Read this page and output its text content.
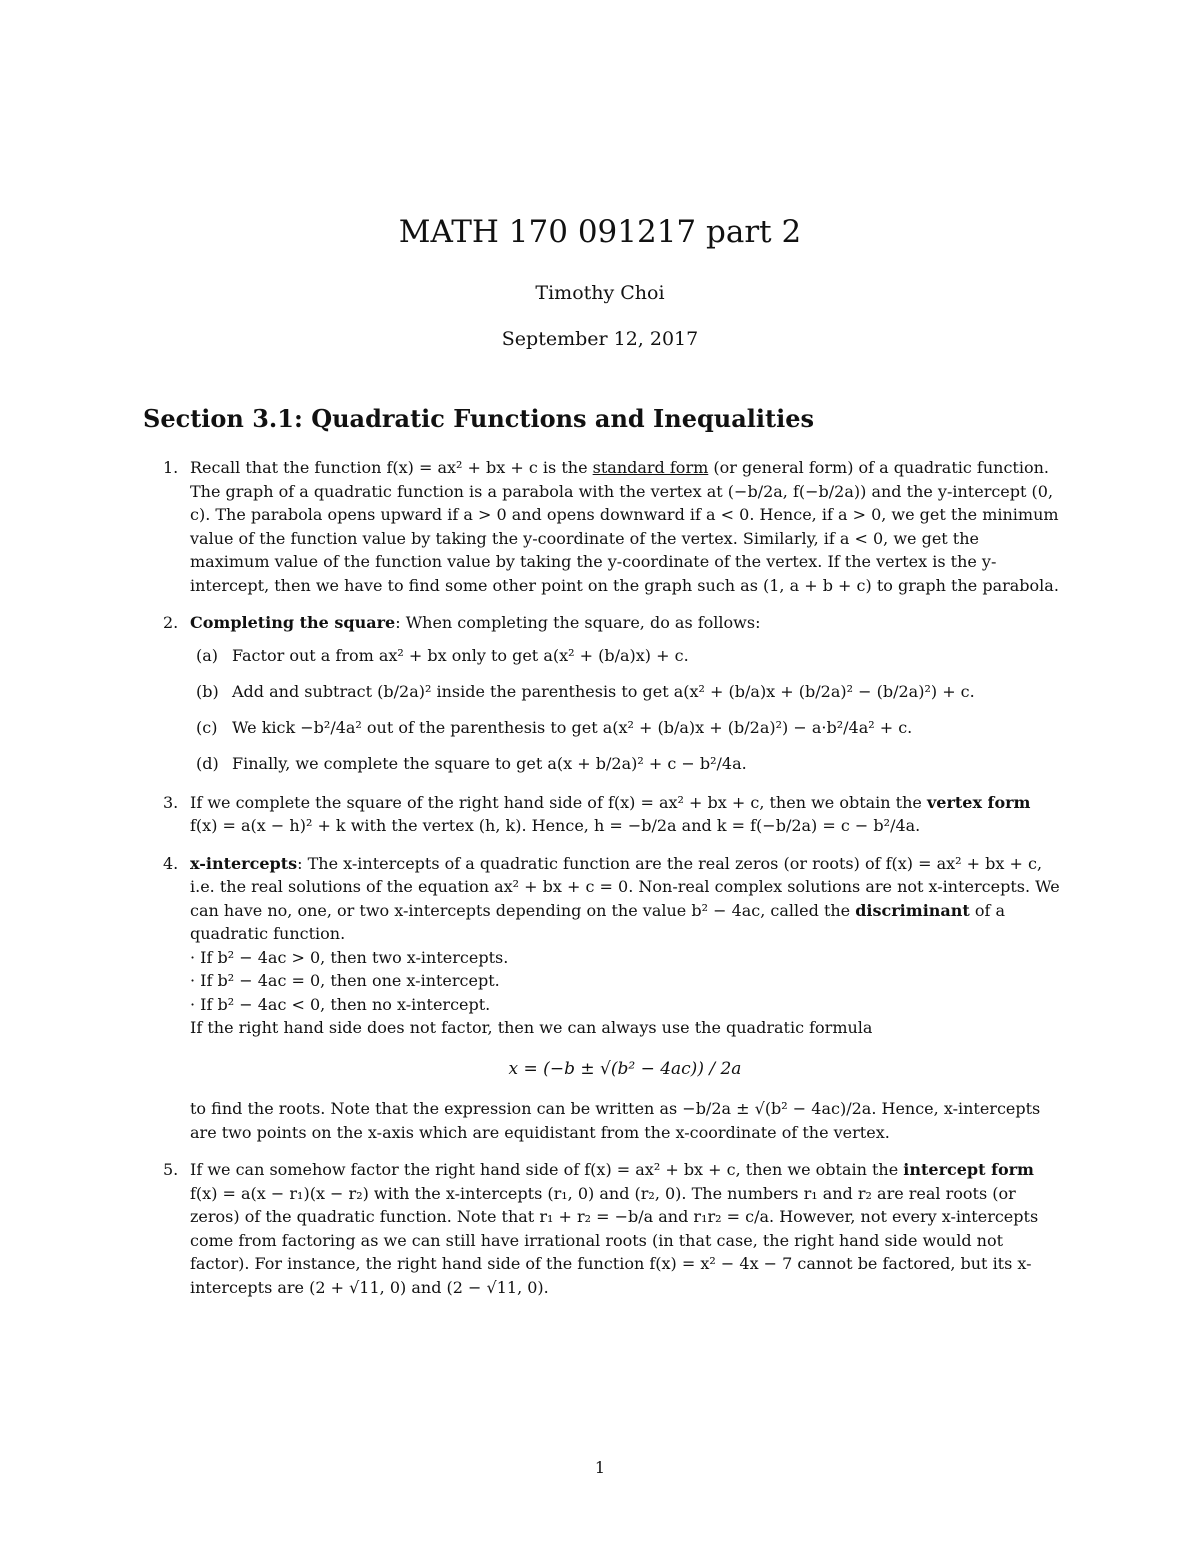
MATH 170 091217 part 2
Timothy Choi
September 12, 2017
Section 3.1: Quadratic Functions and Inequalities
1. Recall that the function f(x) = ax² + bx + c is the standard form (or general form) of a quadratic function. The graph of a quadratic function is a parabola with the vertex at (−b/2a, f(−b/2a)) and the y-intercept (0, c). The parabola opens upward if a > 0 and opens downward if a < 0. Hence, if a > 0, we get the minimum value of the function value by taking the y-coordinate of the vertex. Similarly, if a < 0, we get the maximum value of the function value by taking the y-coordinate of the vertex. If the vertex is the y-intercept, then we have to find some other point on the graph such as (1, a + b + c) to graph the parabola.
2. Completing the square: When completing the square, do as follows:
(a) Factor out a from ax² + bx only to get a(x² + (b/a)x) + c.
(b) Add and subtract (b/2a)² inside the parenthesis to get a(x² + (b/a)x + (b/2a)² − (b/2a)²) + c.
(c) We kick −b²/4a² out of the parenthesis to get a(x² + (b/a)x + (b/2a)²) − a·b²/4a² + c.
(d) Finally, we complete the square to get a(x + b/2a)² + c − b²/4a.
3. If we complete the square of the right hand side of f(x) = ax² + bx + c, then we obtain the vertex form f(x) = a(x − h)² + k with the vertex (h, k). Hence, h = −b/2a and k = f(−b/2a) = c − b²/4a.
4. x-intercepts: The x-intercepts of a quadratic function are the real zeros (or roots) of f(x) = ax² + bx + c, i.e. the real solutions of the equation ax² + bx + c = 0. Non-real complex solutions are not x-intercepts. We can have no, one, or two x-intercepts depending on the value b² − 4ac, called the discriminant of a quadratic function.
· If b² − 4ac > 0, then two x-intercepts.
· If b² − 4ac = 0, then one x-intercept.
· If b² − 4ac < 0, then no x-intercept.
If the right hand side does not factor, then we can always use the quadratic formula
x = (−b ± √(b² − 4ac)) / 2a
to find the roots. Note that the expression can be written as −b/2a ± √(b² − 4ac)/2a. Hence, x-intercepts are two points on the x-axis which are equidistant from the x-coordinate of the vertex.
5. If we can somehow factor the right hand side of f(x) = ax² + bx + c, then we obtain the intercept form f(x) = a(x − r₁)(x − r₂) with the x-intercepts (r₁, 0) and (r₂, 0). The numbers r₁ and r₂ are real roots (or zeros) of the quadratic function. Note that r₁ + r₂ = −b/a and r₁r₂ = c/a. However, not every x-intercepts come from factoring as we can still have irrational roots (in that case, the right hand side would not factor). For instance, the right hand side of the function f(x) = x² − 4x − 7 cannot be factored, but its x-intercepts are (2 + √11, 0) and (2 − √11, 0).
1
